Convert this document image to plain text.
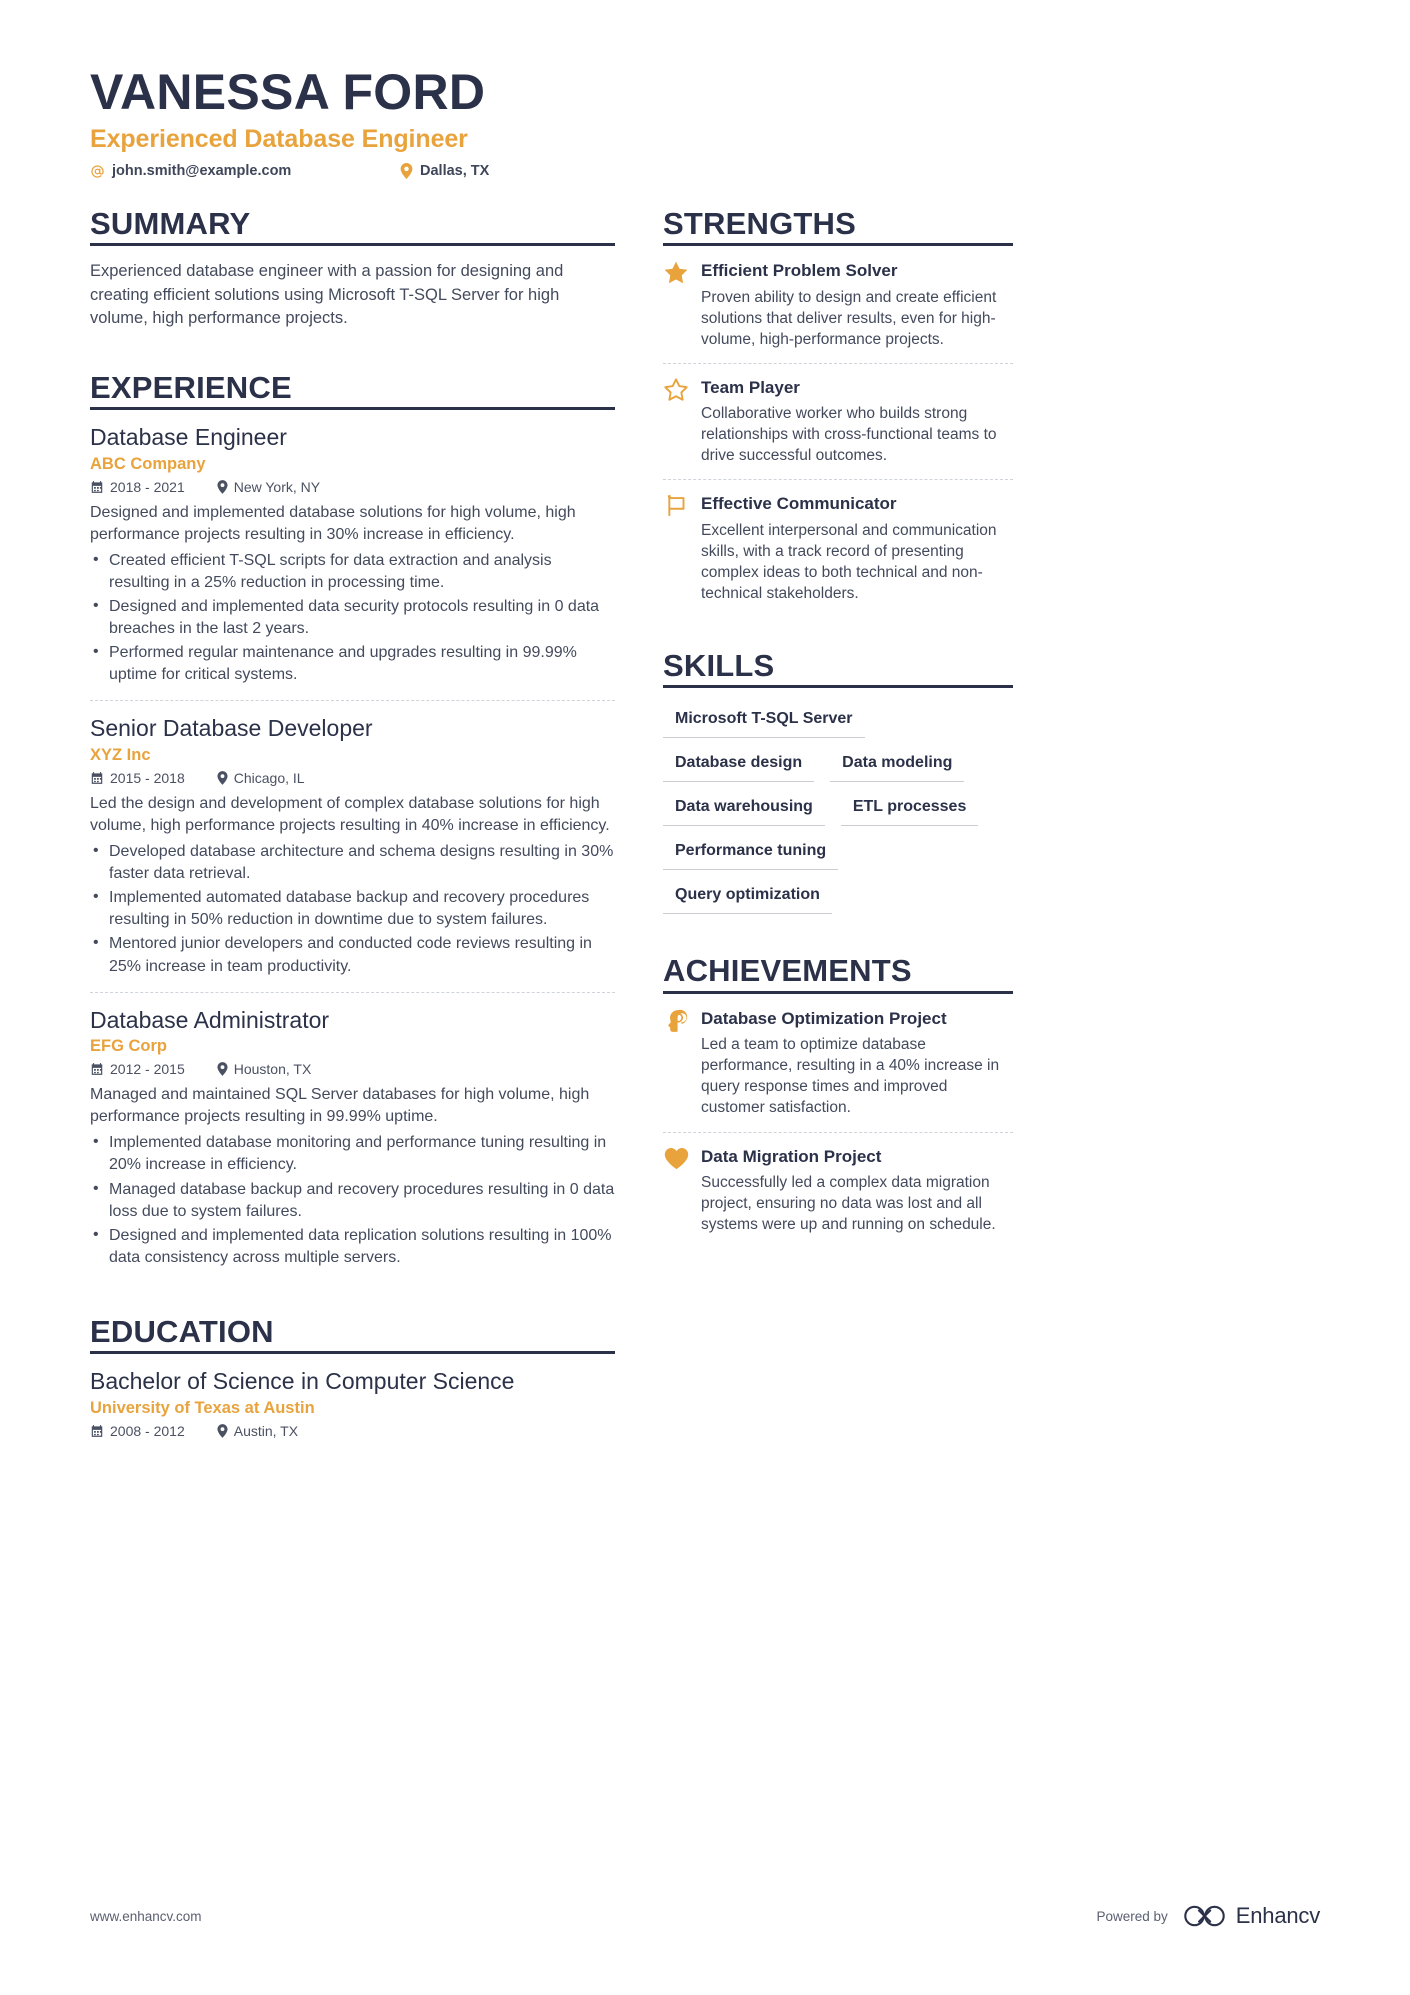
VANESSA FORD
Experienced Database Engineer
john.smith@example.com	Dallas, TX
SUMMARY
Experienced database engineer with a passion for designing and creating efficient solutions using Microsoft T-SQL Server for high volume, high performance projects.
EXPERIENCE
Database Engineer
ABC Company
2018 - 2021	New York, NY
Designed and implemented database solutions for high volume, high performance projects resulting in 30% increase in efficiency.
• Created efficient T-SQL scripts for data extraction and analysis resulting in a 25% reduction in processing time.
• Designed and implemented data security protocols resulting in 0 data breaches in the last 2 years.
• Performed regular maintenance and upgrades resulting in 99.99% uptime for critical systems.
Senior Database Developer
XYZ Inc
2015 - 2018	Chicago, IL
Led the design and development of complex database solutions for high volume, high performance projects resulting in 40% increase in efficiency.
• Developed database architecture and schema designs resulting in 30% faster data retrieval.
• Implemented automated database backup and recovery procedures resulting in 50% reduction in downtime due to system failures.
• Mentored junior developers and conducted code reviews resulting in 25% increase in team productivity.
Database Administrator
EFG Corp
2012 - 2015	Houston, TX
Managed and maintained SQL Server databases for high volume, high performance projects resulting in 99.99% uptime.
• Implemented database monitoring and performance tuning resulting in 20% increase in efficiency.
• Managed database backup and recovery procedures resulting in 0 data loss due to system failures.
• Designed and implemented data replication solutions resulting in 100% data consistency across multiple servers.
EDUCATION
Bachelor of Science in Computer Science
University of Texas at Austin
2008 - 2012	Austin, TX
STRENGTHS
Efficient Problem Solver
Proven ability to design and create efficient solutions that deliver results, even for high-volume, high-performance projects.
Team Player
Collaborative worker who builds strong relationships with cross-functional teams to drive successful outcomes.
Effective Communicator
Excellent interpersonal and communication skills, with a track record of presenting complex ideas to both technical and non-technical stakeholders.
SKILLS
Microsoft T-SQL Server
Database design	Data modeling
Data warehousing	ETL processes
Performance tuning
Query optimization
ACHIEVEMENTS
Database Optimization Project
Led a team to optimize database performance, resulting in a 40% increase in query response times and improved customer satisfaction.
Data Migration Project
Successfully led a complex data migration project, ensuring no data was lost and all systems were up and running on schedule.
www.enhancv.com	Powered by	Enhancv
